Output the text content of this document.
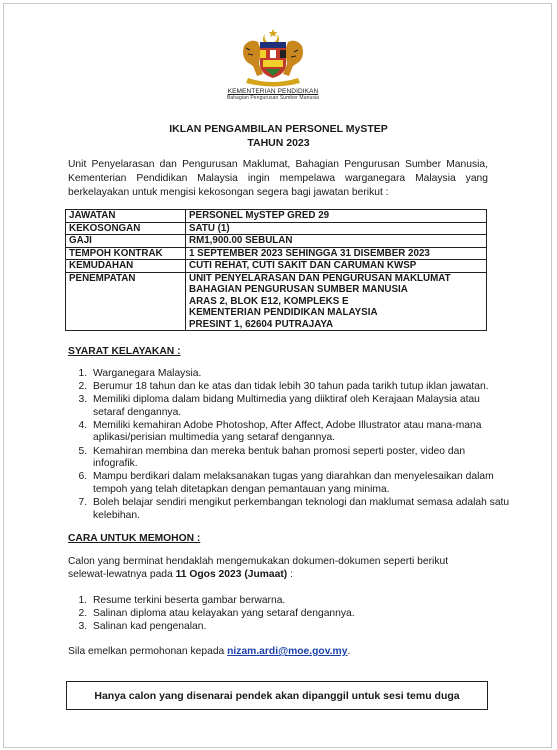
KEMENTERIAN PENDIDIKAN
Bahagian Pengurusan Sumber Manusia
IKLAN PENGAMBILAN PERSONEL MySTEP
TAHUN 2023
Unit Penyelarasan dan Pengurusan Maklumat, Bahagian Pengurusan Sumber Manusia, Kementerian Pendidikan Malaysia ingin mempelawa warganegara Malaysia yang berkelayakan untuk mengisi kekosongan segera bagi jawatan berikut :
JAWATAN	PERSONEL MySTEP GRED 29
KEKOSONGAN	SATU (1)
GAJI	RM1,900.00 SEBULAN
TEMPOH KONTRAK	1 SEPTEMBER 2023 SEHINGGA 31 DISEMBER 2023
KEMUDAHAN	CUTI REHAT, CUTI SAKIT DAN CARUMAN KWSP
PENEMPATAN	UNIT PENYELARASAN DAN PENGURUSAN MAKLUMAT
BAHAGIAN PENGURUSAN SUMBER MANUSIA
ARAS 2, BLOK E12, KOMPLEKS E
KEMENTERIAN PENDIDIKAN MALAYSIA
PRESINT 1, 62604 PUTRAJAYA
SYARAT KELAYAKAN :
1. Warganegara Malaysia.
2. Berumur 18 tahun dan ke atas dan tidak lebih 30 tahun pada tarikh tutup iklan jawatan.
3. Memiliki diploma dalam bidang Multimedia yang diiktiraf oleh Kerajaan Malaysia atau setaraf dengannya.
4. Memiliki kemahiran Adobe Photoshop, After Affect, Adobe Illustrator atau mana-mana aplikasi/perisian multimedia yang setaraf dengannya.
5. Kemahiran membina dan mereka bentuk bahan promosi seperti poster, video dan infografik.
6. Mampu berdikari dalam melaksanakan tugas yang diarahkan dan menyelesaikan dalam tempoh yang telah ditetapkan dengan pemantauan yang minima.
7. Boleh belajar sendiri mengikut perkembangan teknologi dan maklumat semasa adalah satu kelebihan.
CARA UNTUK MEMOHON :
Calon yang berminat hendaklah mengemukakan dokumen-dokumen seperti berikut selewat-lewatnya pada 11 Ogos 2023 (Jumaat) :
1. Resume terkini beserta gambar berwarna.
2. Salinan diploma atau kelayakan yang setaraf dengannya.
3. Salinan kad pengenalan.
Sila emelkan permohonan kepada nizam.ardi@moe.gov.my.
Hanya calon yang disenarai pendek akan dipanggil untuk sesi temu duga
